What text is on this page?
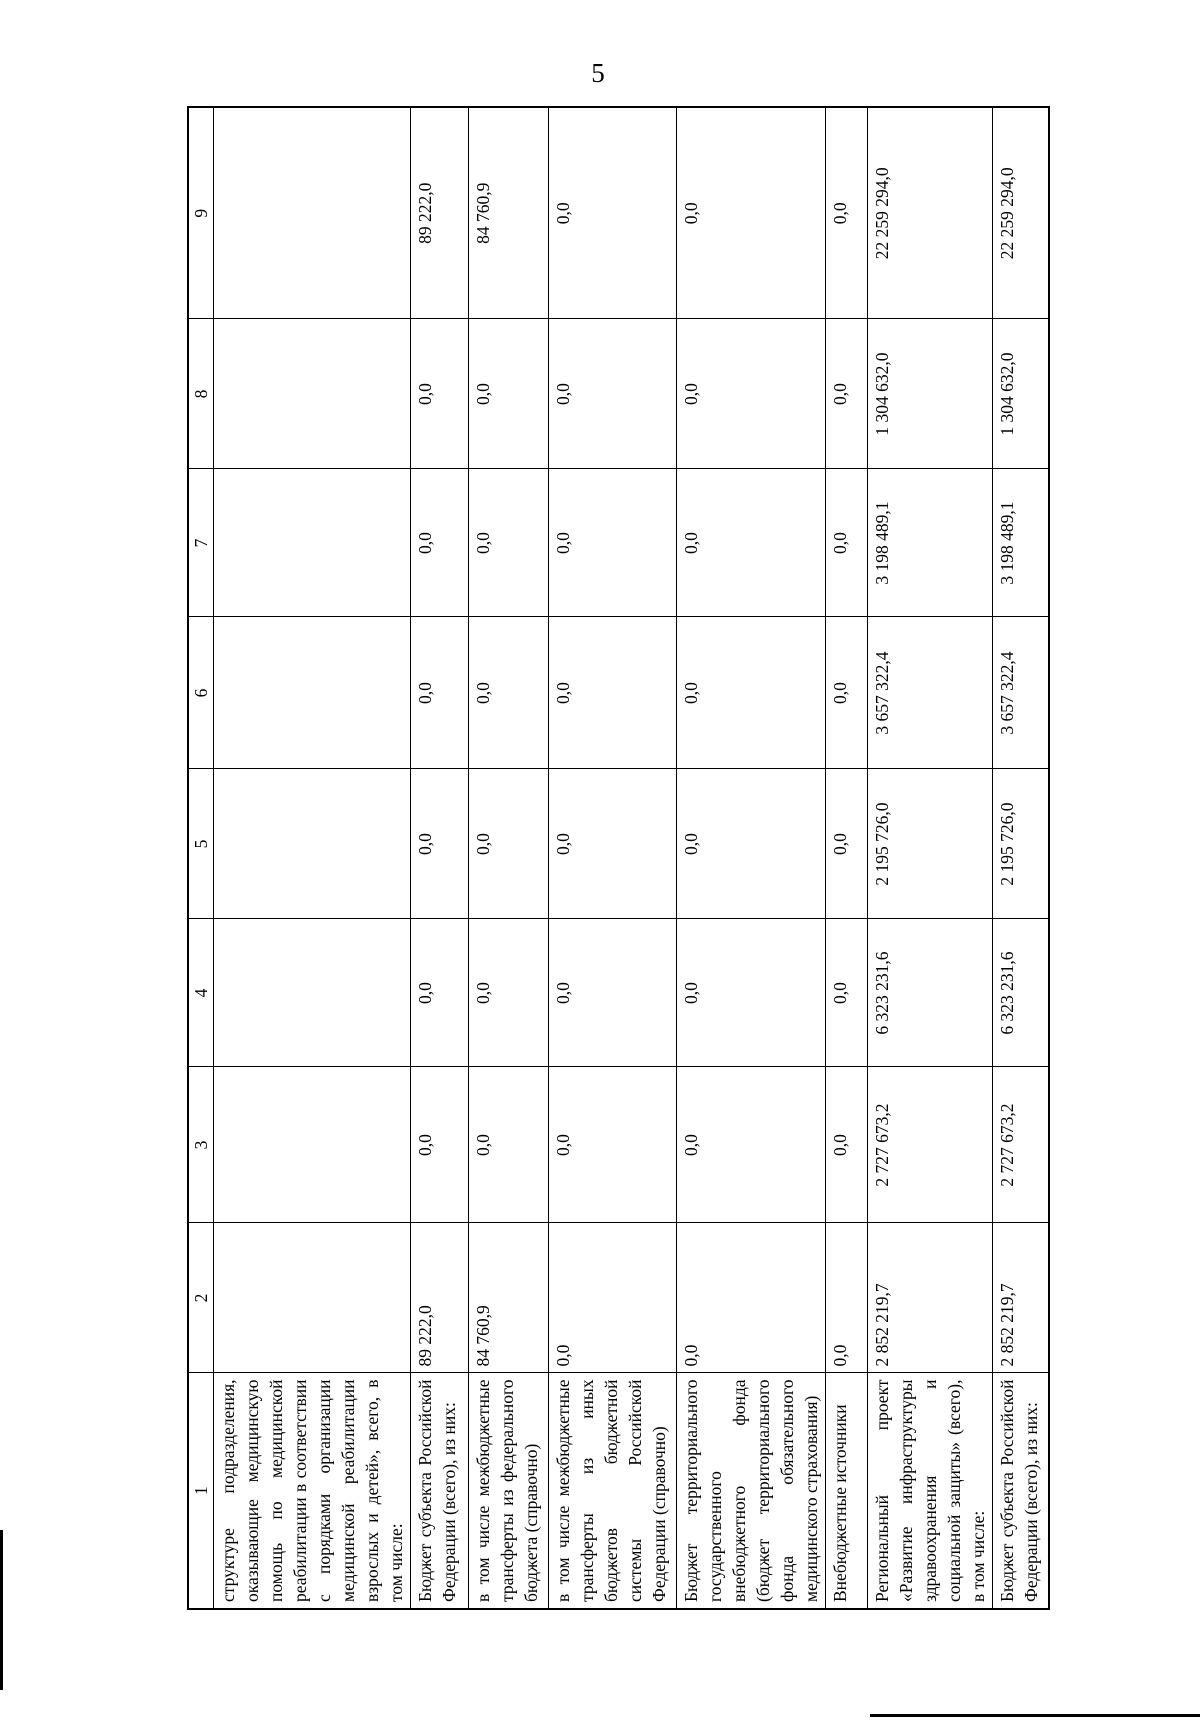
5
1	2	3	4	5	6	7	8	9
структуре подразделения, оказывающие медицинскую помощь по медицинской реабилитации в соответствии с порядками организации медицинской реабилитации взрослых и детей», всего, в том числе:								
Бюджет субъекта Российской Федерации (всего), из них:	89 222,0	0,0	0,0	0,0	0,0	0,0	0,0	89 222,0
в том числе межбюджетные трансферты из федерального бюджета (справочно)	84 760,9	0,0	0,0	0,0	0,0	0,0	0,0	84 760,9
в том числе межбюджетные трансферты из иных бюджетов бюджетной системы Российской Федерации (справочно)	0,0	0,0	0,0	0,0	0,0	0,0	0,0	0,0
Бюджет территориального государственного внебюджетного фонда (бюджет территориального фонда обязательного медицинского страхования)	0,0	0,0	0,0	0,0	0,0	0,0	0,0	0,0
Внебюджетные источники	0,0	0,0	0,0	0,0	0,0	0,0	0,0	0,0
Региональный проект «Развитие инфраструктуры здравоохранения и социальной защиты» (всего), в том числе:	2 852 219,7	2 727 673,2	6 323 231,6	2 195 726,0	3 657 322,4	3 198 489,1	1 304 632,0	22 259 294,0
Бюджет субъекта Российской Федерации (всего), из них:	2 852 219,7	2 727 673,2	6 323 231,6	2 195 726,0	3 657 322,4	3 198 489,1	1 304 632,0	22 259 294,0
